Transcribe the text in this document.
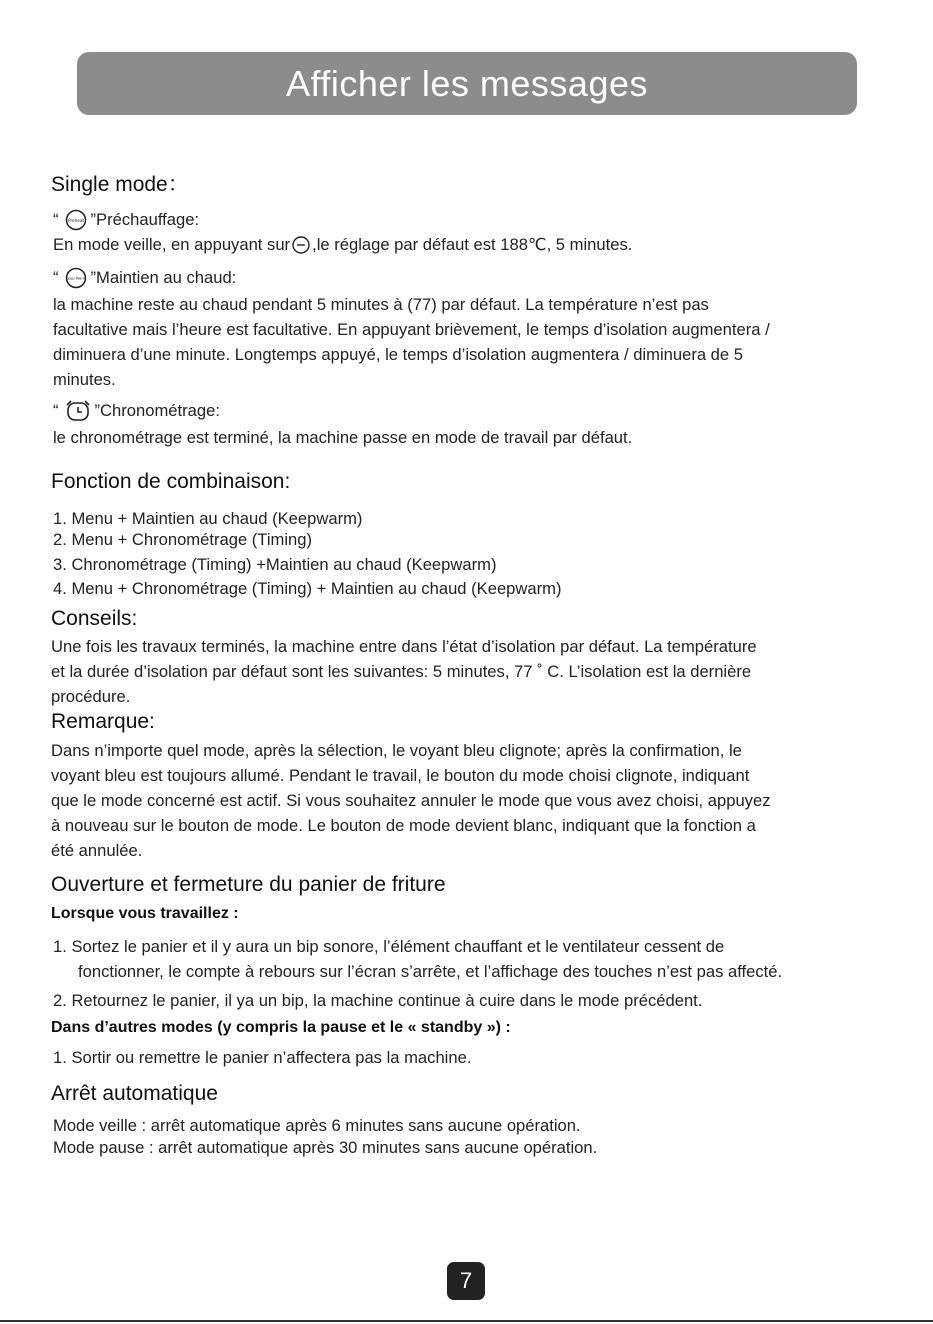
Afficher les messages
Single mode：
“ Preheat ”Préchauffage:
En mode veille, en appuyant sur ,le réglage par défaut est 188℃, 5 minutes.
“ Keep Warm ”Maintien au chaud:
la machine reste au chaud pendant 5 minutes à (77) par défaut. La température n’est pas
facultative mais l’heure est facultative. En appuyant brièvement, le temps d’isolation augmentera /
diminuera d’une minute. Longtemps appuyé, le temps d’isolation augmentera / diminuera de 5
minutes.
“ ”Chronométrage:
le chronométrage est terminé, la machine passe en mode de travail par défaut.
Fonction de combinaison:
1. Menu + Maintien au chaud (Keepwarm)
2. Menu + Chronométrage (Timing)
3. Chronométrage (Timing) +Maintien au chaud (Keepwarm)
4. Menu + Chronométrage (Timing) + Maintien au chaud (Keepwarm)
Conseils:
Une fois les travaux terminés, la machine entre dans l’état d’isolation par défaut. La température
et la durée d’isolation par défaut sont les suivantes: 5 minutes, 77 ˚ C. L’isolation est la dernière
procédure.
Remarque:
Dans n’importe quel mode, après la sélection, le voyant bleu clignote; après la confirmation, le
voyant bleu est toujours allumé. Pendant le travail, le bouton du mode choisi clignote, indiquant
que le mode concerné est actif. Si vous souhaitez annuler le mode que vous avez choisi, appuyez
à nouveau sur le bouton de mode. Le bouton de mode devient blanc, indiquant que la fonction a
été annulée.
Ouverture et fermeture du panier de friture
Lorsque vous travaillez :
1. Sortez le panier et il y aura un bip sonore, l’élément chauffant et le ventilateur cessent de
fonctionner, le compte à rebours sur l’écran s’arrête, et l’affichage des touches n’est pas affecté.
2. Retournez le panier, il ya un bip, la machine continue à cuire dans le mode précédent.
Dans d’autres modes (y compris la pause et le « standby ») :
1. Sortir ou remettre le panier n’affectera pas la machine.
Arrêt automatique
Mode veille : arrêt automatique après 6 minutes sans aucune opération.
Mode pause : arrêt automatique après 30 minutes sans aucune opération.
7
